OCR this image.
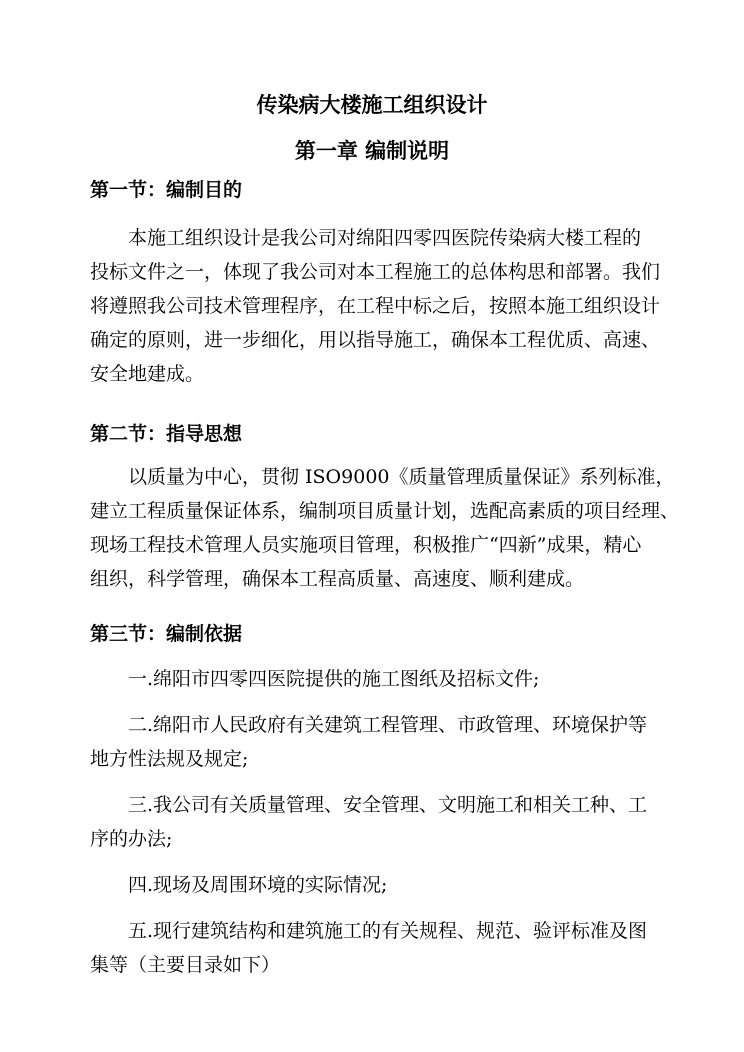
传染病大楼施工组织设计
第一章 编制说明
第一节：编制目的
本施工组织设计是我公司对绵阳四零四医院传染病大楼工程的
投标文件之一，体现了我公司对本工程施工的总体构思和部署。我们
将遵照我公司技术管理程序，在工程中标之后，按照本施工组织设计
确定的原则，进一步细化，用以指导施工，确保本工程优质、高速、
安全地建成。
第二节：指导思想
以质量为中心，贯彻 ISO9000《质量管理质量保证》系列标准，
建立工程质量保证体系，编制项目质量计划，选配高素质的项目经理、
现场工程技术管理人员实施项目管理，积极推广“四新”成果，精心
组织，科学管理，确保本工程高质量、高速度、顺利建成。
第三节：编制依据
一.绵阳市四零四医院提供的施工图纸及招标文件;
二.绵阳市人民政府有关建筑工程管理、市政管理、环境保护等
地方性法规及规定;
三.我公司有关质量管理、安全管理、文明施工和相关工种、工
序的办法;
四.现场及周围环境的实际情况;
五.现行建筑结构和建筑施工的有关规程、规范、验评标准及图
集等（主要目录如下）
